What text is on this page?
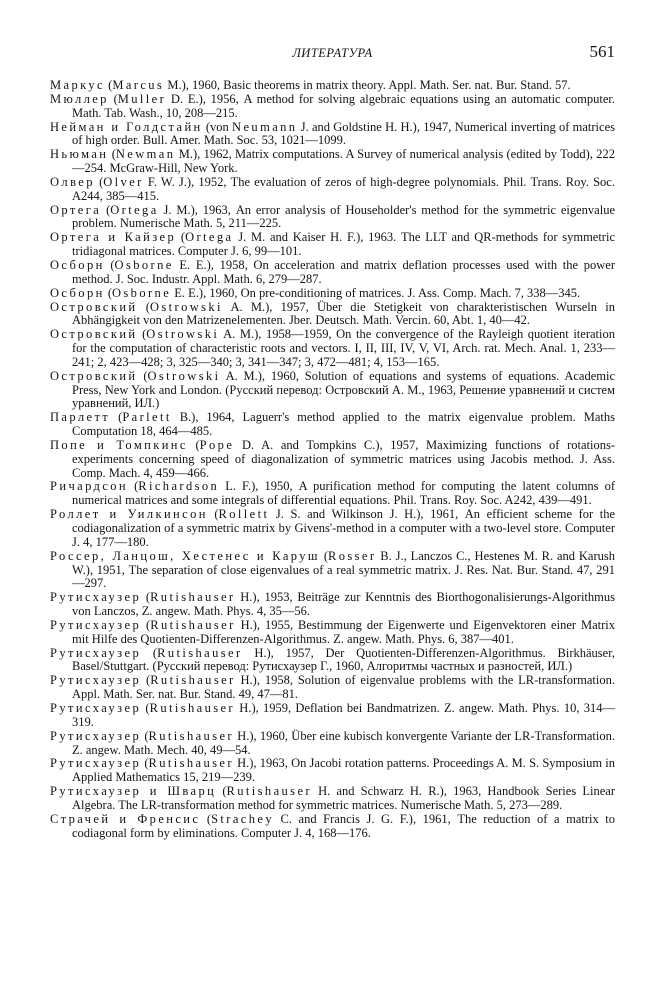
ЛИТЕРАТУРА	561
Маркус (Marcus M.), 1960, Basic theorems in matrix theory. Appl. Math. Ser. nat. Bur. Stand. 57.
Мюллер (Muller D. E.), 1956, A method for solving algebraic equations using an automatic computer. Math. Tab. Wash., 10, 208—215.
Нейман и Голдстайн (von Neumann J. and Goldstine H. H.), 1947, Numerical inverting of matrices of high order. Bull. Amer. Math. Soc. 53, 1021—1099.
Ньюман (Newman M.), 1962, Matrix computations. A Survey of numerical analysis (edited by Todd), 222—254. McGraw-Hill, New York.
Олвер (Olver F. W. J.), 1952, The evaluation of zeros of high-degree polynomials. Phil. Trans. Roy. Soc. A244, 385—415.
Ортега (Ortega J. M.), 1963, An error analysis of Householder's method for the symmetric eigenvalue problem. Numerische Math. 5, 211—225.
Ортега и Кайзер (Ortega J. M. and Kaiser H. F.), 1963. The LLT and QR-methods for symmetric tridiagonal matrices. Computer J. 6, 99—101.
Осборн (Osborne E. E.), 1958, On acceleration and matrix deflation processes used with the power method. J. Soc. Industr. Appl. Math. 6, 279—287.
Осборн (Osborne E. E.), 1960, On pre-conditioning of matrices. J. Ass. Comp. Mach. 7, 338—345.
Островский (Ostrowski A. M.), 1957, Über die Stetigkeit von charakteristischen Wurseln in Abhängigkeit von den Matrizenelementen. Jber. Deutsch. Math. Vercin. 60, Abt. 1, 40—42.
Островский (Ostrowski A. M.), 1958—1959, On the convergence of the Rayleigh quotient iteration for the computation of characteristic roots and vectors. I, II, III, IV, V, VI, Arch. rat. Mech. Anal. 1, 233—241; 2, 423—428; 3, 325—340; 3, 341—347; 3, 472—481; 4, 153—165.
Островский (Ostrowski A. M.), 1960, Solution of equations and systems of equations. Academic Press, New York and London. (Русский перевод: Островский А. М., 1963, Решение уравнений и систем уравнений, ИЛ.)
Парлетт (Parlett B.), 1964, Laguerr's method applied to the matrix eigenvalue problem. Maths Computation 18, 464—485.
Попе и Томпкинс (Pope D. A. and Tompkins C.), 1957, Maximizing functions of rotations-experiments concerning speed of diagonalization of symmetric matrices using Jacobis method. J. Ass. Comp. Mach. 4, 459—466.
Ричардсон (Richardson L. F.), 1950, A purification method for computing the latent columns of numerical matrices and some integrals of differential equations. Phil. Trans. Roy. Soc. A242, 439—491.
Роллет и Уилкинсон (Rollett J. S. and Wilkinson J. H.), 1961, An efficient scheme for the codiagonalization of a symmetric matrix by Givens'-method in a computer with a two-level store. Computer J. 4, 177—180.
Россер, Ланцош, Хестенес и Каруш (Rosser B. J., Lanczos C., Hestenes M. R. and Karush W.), 1951, The separation of close eigenvalues of a real symmetric matrix. J. Res. Nat. Bur. Stand. 47, 291—297.
Рутисхаузер (Rutishauser H.), 1953, Beiträge zur Kenntnis des Biorthogonalisierungs-Algorithmus von Lanczos, Z. angew. Math. Phys. 4, 35—56.
Рутисхаузер (Rutishauser H.), 1955, Bestimmung der Eigenwerte und Eigenvektoren einer Matrix mit Hilfe des Quotienten-Differenzen-Algorithmus. Z. angew. Math. Phys. 6, 387—401.
Рутисхаузер (Rutishauser H.), 1957, Der Quotienten-Differenzen-Algorithmus. Birkhäuser, Basel/Stuttgart. (Русский перевод: Рутисхаузер Г., 1960, Алгоритмы частных и разностей, ИЛ.)
Рутисхаузер (Rutishauser H.), 1958, Solution of eigenvalue problems with the LR-transformation. Appl. Math. Ser. nat. Bur. Stand. 49, 47—81.
Рутисхаузер (Rutishauser H.), 1959, Deflation bei Bandmatrizen. Z. angew. Math. Phys. 10, 314—319.
Рутисхаузер (Rutishauser H.), 1960, Über eine kubisch konvergente Variante der LR-Transformation. Z. angew. Math. Mech. 40, 49—54.
Рутисхаузер (Rutishauser H.), 1963, On Jacobi rotation patterns. Proceedings A. M. S. Symposium in Applied Mathematics 15, 219—239.
Рутисхаузер и Шварц (Rutishauser H. and Schwarz H. R.), 1963, Handbook Series Linear Algebra. The LR-transformation method for symmetric matrices. Numerische Math. 5, 273—289.
Страчей и Френсис (Strachey C. and Francis J. G. F.), 1961, The reduction of a matrix to codiagonal form by eliminations. Computer J. 4, 168—176.
